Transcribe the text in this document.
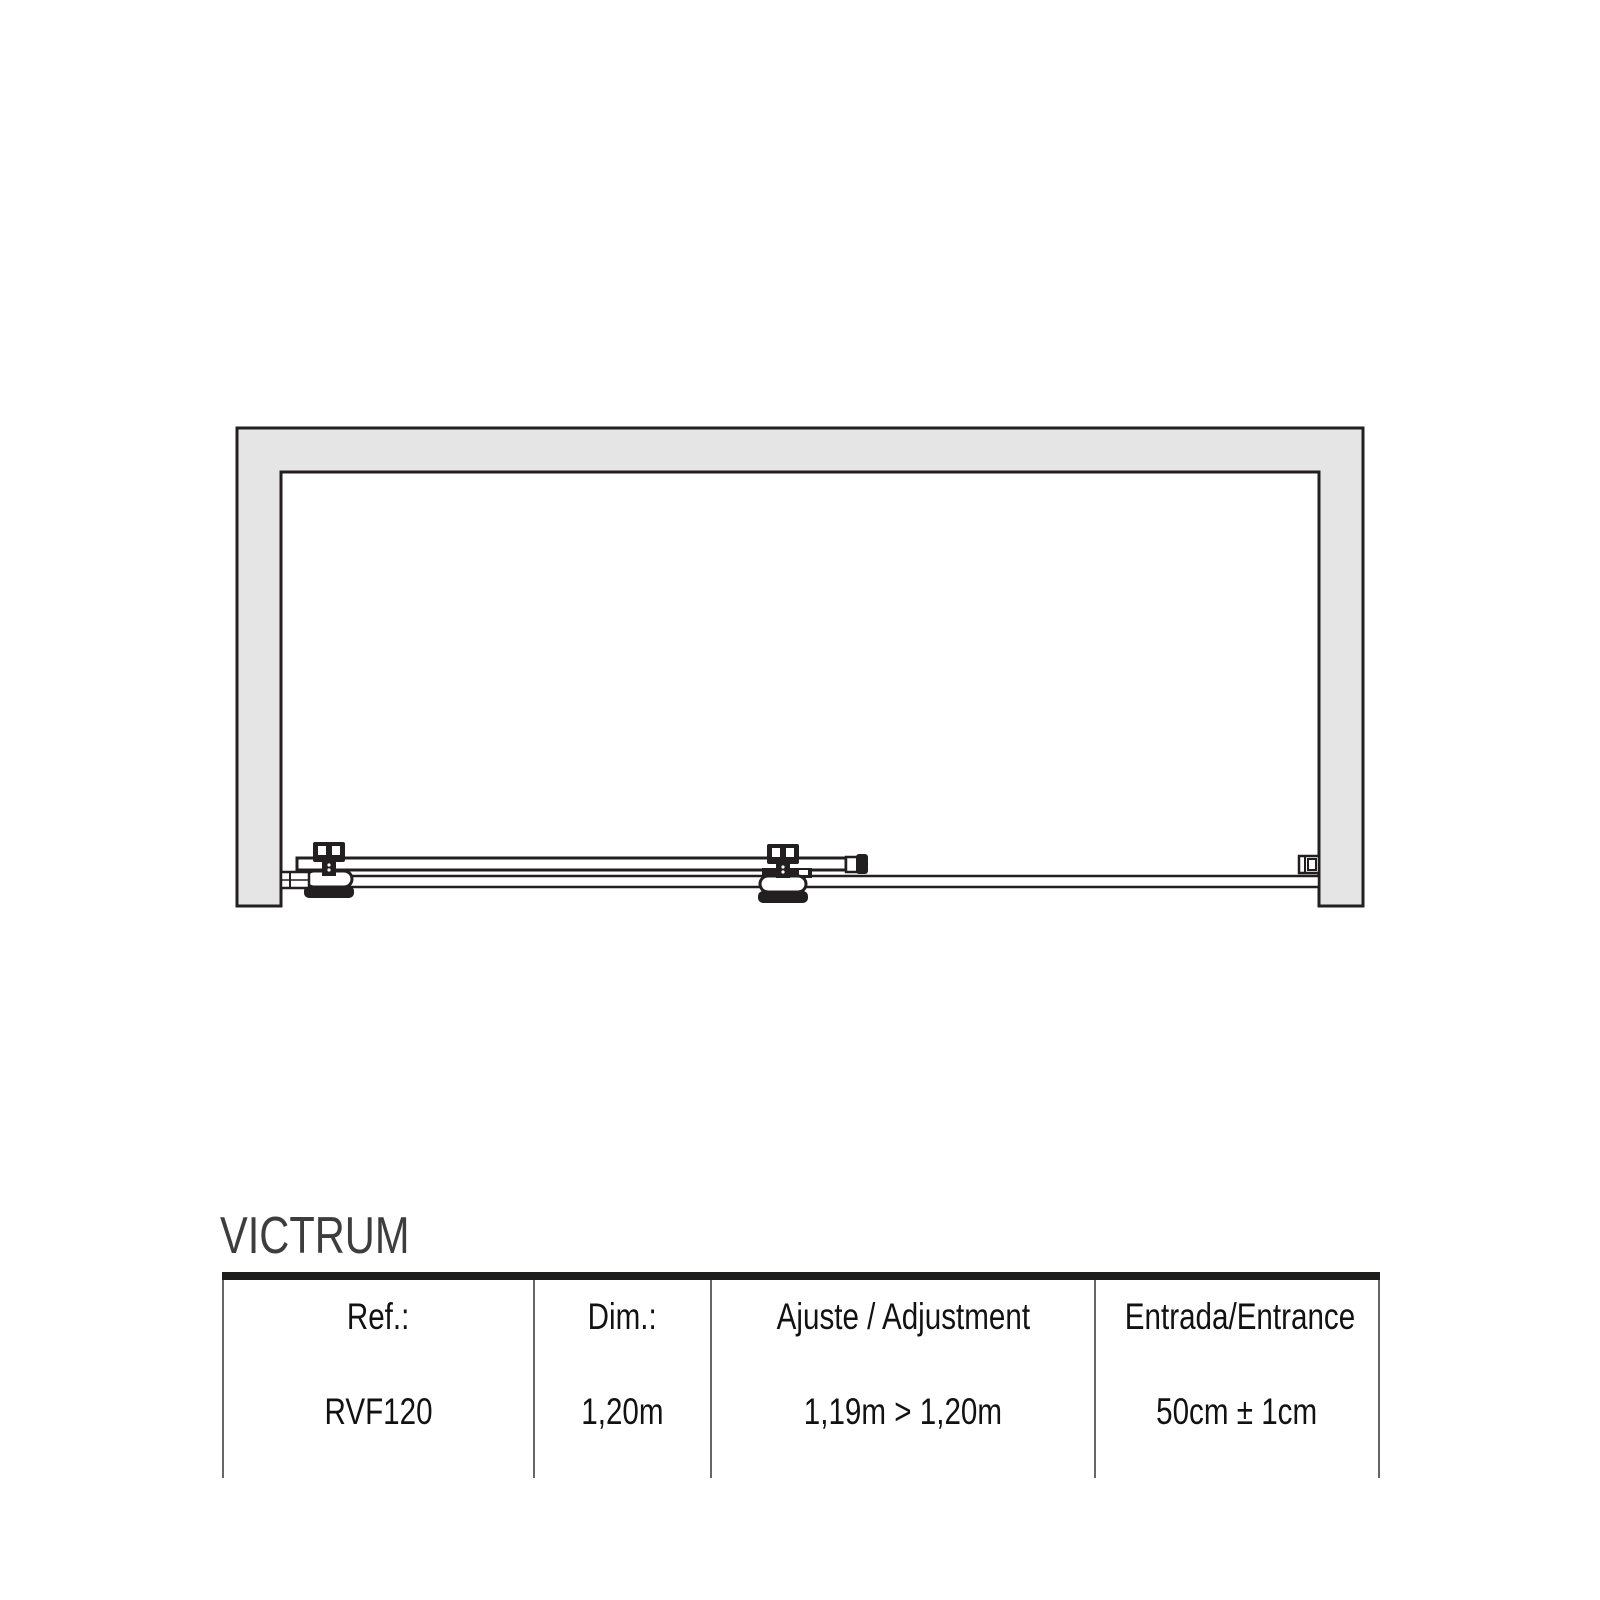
VICTRUM
Ref.:
RVF120
Dim.:
1,20m
Ajuste / Adjustment
1,19m > 1,20m
Entrada/Entrance
50cm ± 1cm
